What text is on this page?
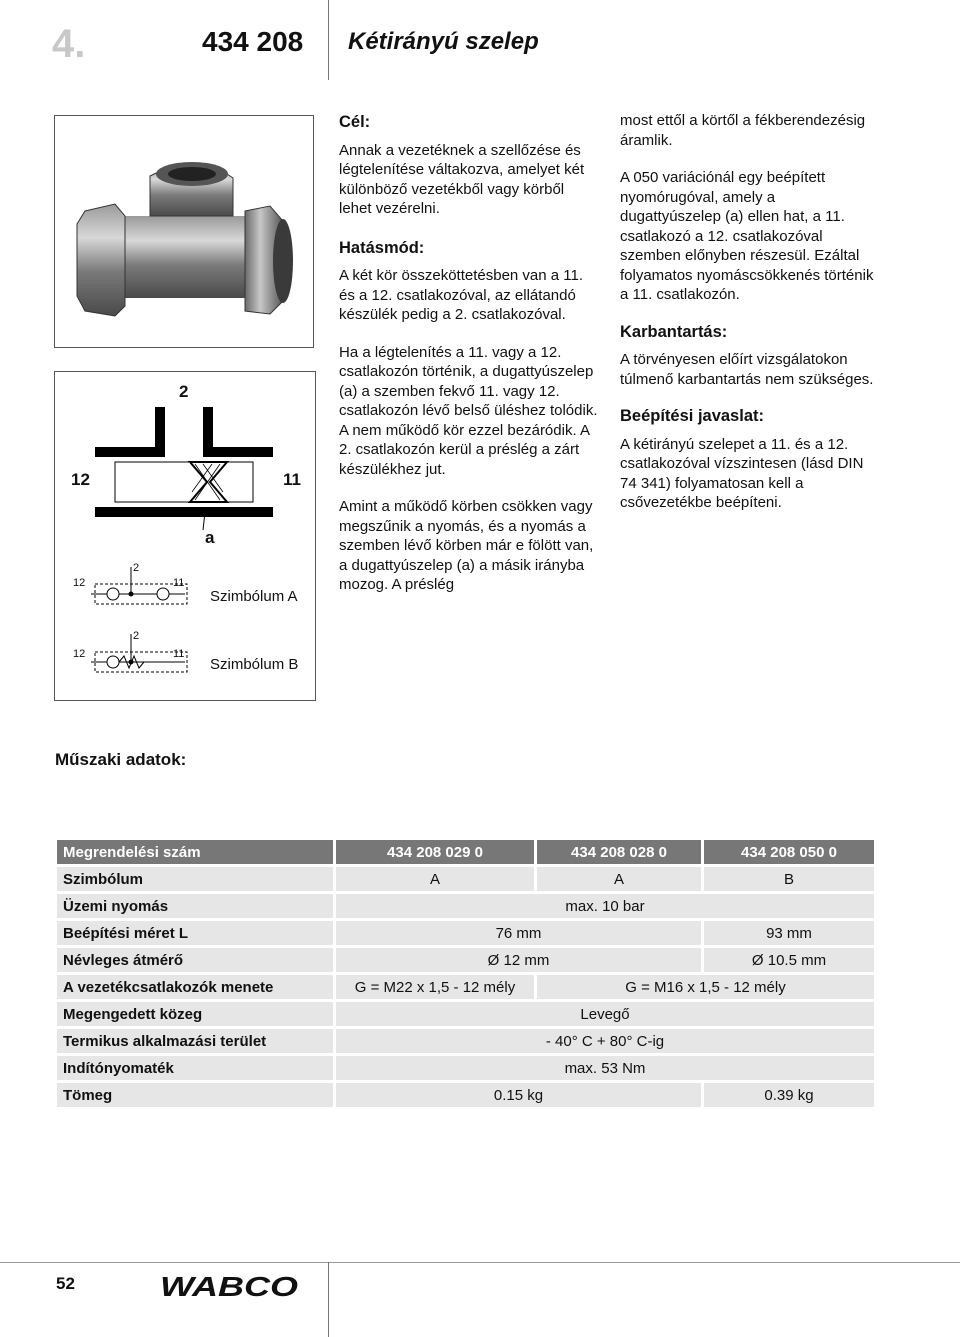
4.	434 208 Kétirányú szelep
2
12	11
a
2
12	11
Szimbólum A
2
12	11
Szimbólum B
Cél:

Annak a vezetéknek a szellőzése és légtelenítése váltakozva, amelyet két különböző vezetékből vagy körből lehet vezérelni.

Hatásmód:

A két kör összeköttetésben van a 11. és a 12. csatlakozóval, az ellátandó készülék pedig a 2. csatlakozóval.

Ha a légtelenítés a 11. vagy a 12. csatlakozón történik, a dugattyúszelep (a) a szemben fekvő 11. vagy 12. csatlakozón lévő belső üléshez tolódik. A nem működő kör ezzel bezáródik. A 2. csatlakozón kerül a préslég a zárt készülékhez jut.

Amint a működő körben csökken vagy megszűnik a nyomás, és a nyomás a szemben lévő körben már e fölött van, a dugattyúszelep (a) a másik irányba mozog. A préslég

most ettől a körtől a fékberendezésig áramlik.

A 050 variációnál egy beépített nyomórugóval, amely a dugattyúszelep (a) ellen hat, a 11. csatlakozó a 12. csatlakozóval szemben előnyben részesül. Ezáltal folyamatos nyomáscsökkenés történik a 11. csatlakozón.

Karbantartás:

A törvényesen előírt vizsgálatokon túlmenő karbantartás nem szükséges.

Beépítési javaslat:

A kétirányú szelepet a 11. és a 12. csatlakozóval vízszintesen (lásd DIN 74 341) folyamatosan kell a csővezetékbe beépíteni.

Műszaki adatok:
Megrendelési szám	434 208 029 0	434 208 028 0	434 208 050 0
Szimbólum	A	A	B
Üzemi nyomás	max. 10 bar		
Beépítési méret L	76 mm		93 mm
Névleges átmérő	Ø 12 mm		Ø 10.5 mm
A vezetékcsatlakozók menete	G = M22 x 1,5 - 12 mély	G = M16 x 1,5 - 12 mély	
Megengedett közeg	Levegő		
Termikus alkalmazási terület	- 40° C + 80° C-ig		
Indítónyomaték	max. 53 Nm		
Tömeg	0.15 kg		0.39 kg
52	WABCO
